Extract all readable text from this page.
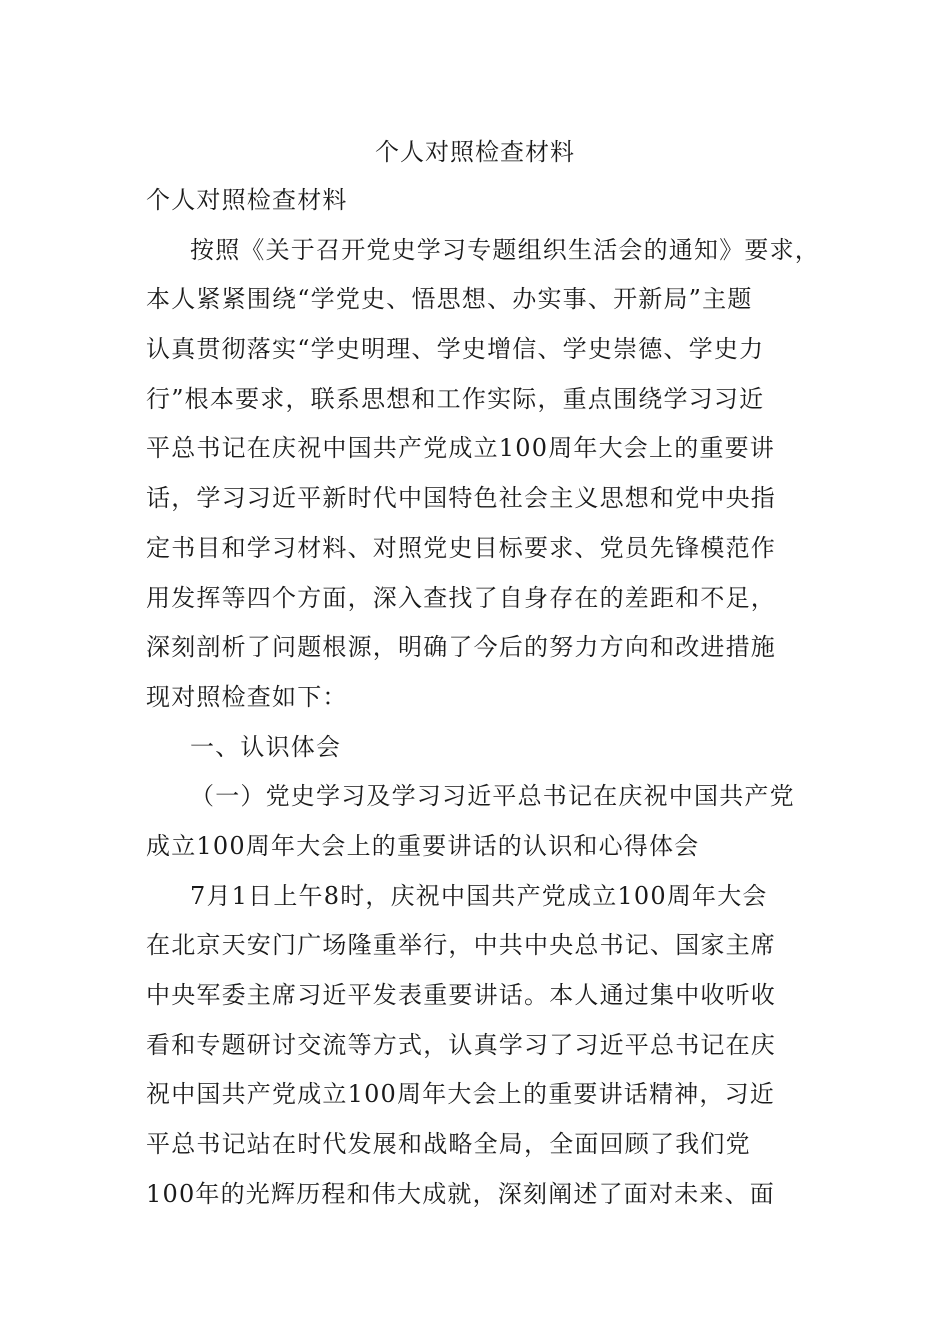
个人对照检查材料
个人对照检查材料
按照《关于召开党史学习专题组织生活会的通知》要求，
本人紧紧围绕“学党史、悟思想、办实事、开新局”主题
认真贯彻落实“学史明理、学史增信、学史崇德、学史力
行”根本要求，联系思想和工作实际，重点围绕学习习近
平总书记在庆祝中国共产党成立100周年大会上的重要讲
话，学习习近平新时代中国特色社会主义思想和党中央指
定书目和学习材料、对照党史目标要求、党员先锋模范作
用发挥等四个方面，深入查找了自身存在的差距和不足，
深刻剖析了问题根源，明确了今后的努力方向和改进措施
现对照检查如下：
一、认识体会
（一）党史学习及学习习近平总书记在庆祝中国共产党
成立100周年大会上的重要讲话的认识和心得体会
7月1日上午8时，庆祝中国共产党成立100周年大会
在北京天安门广场隆重举行，中共中央总书记、国家主席
中央军委主席习近平发表重要讲话。本人通过集中收听收
看和专题研讨交流等方式，认真学习了习近平总书记在庆
祝中国共产党成立100周年大会上的重要讲话精神，习近
平总书记站在时代发展和战略全局，全面回顾了我们党
100年的光辉历程和伟大成就，深刻阐述了面对未来、面
